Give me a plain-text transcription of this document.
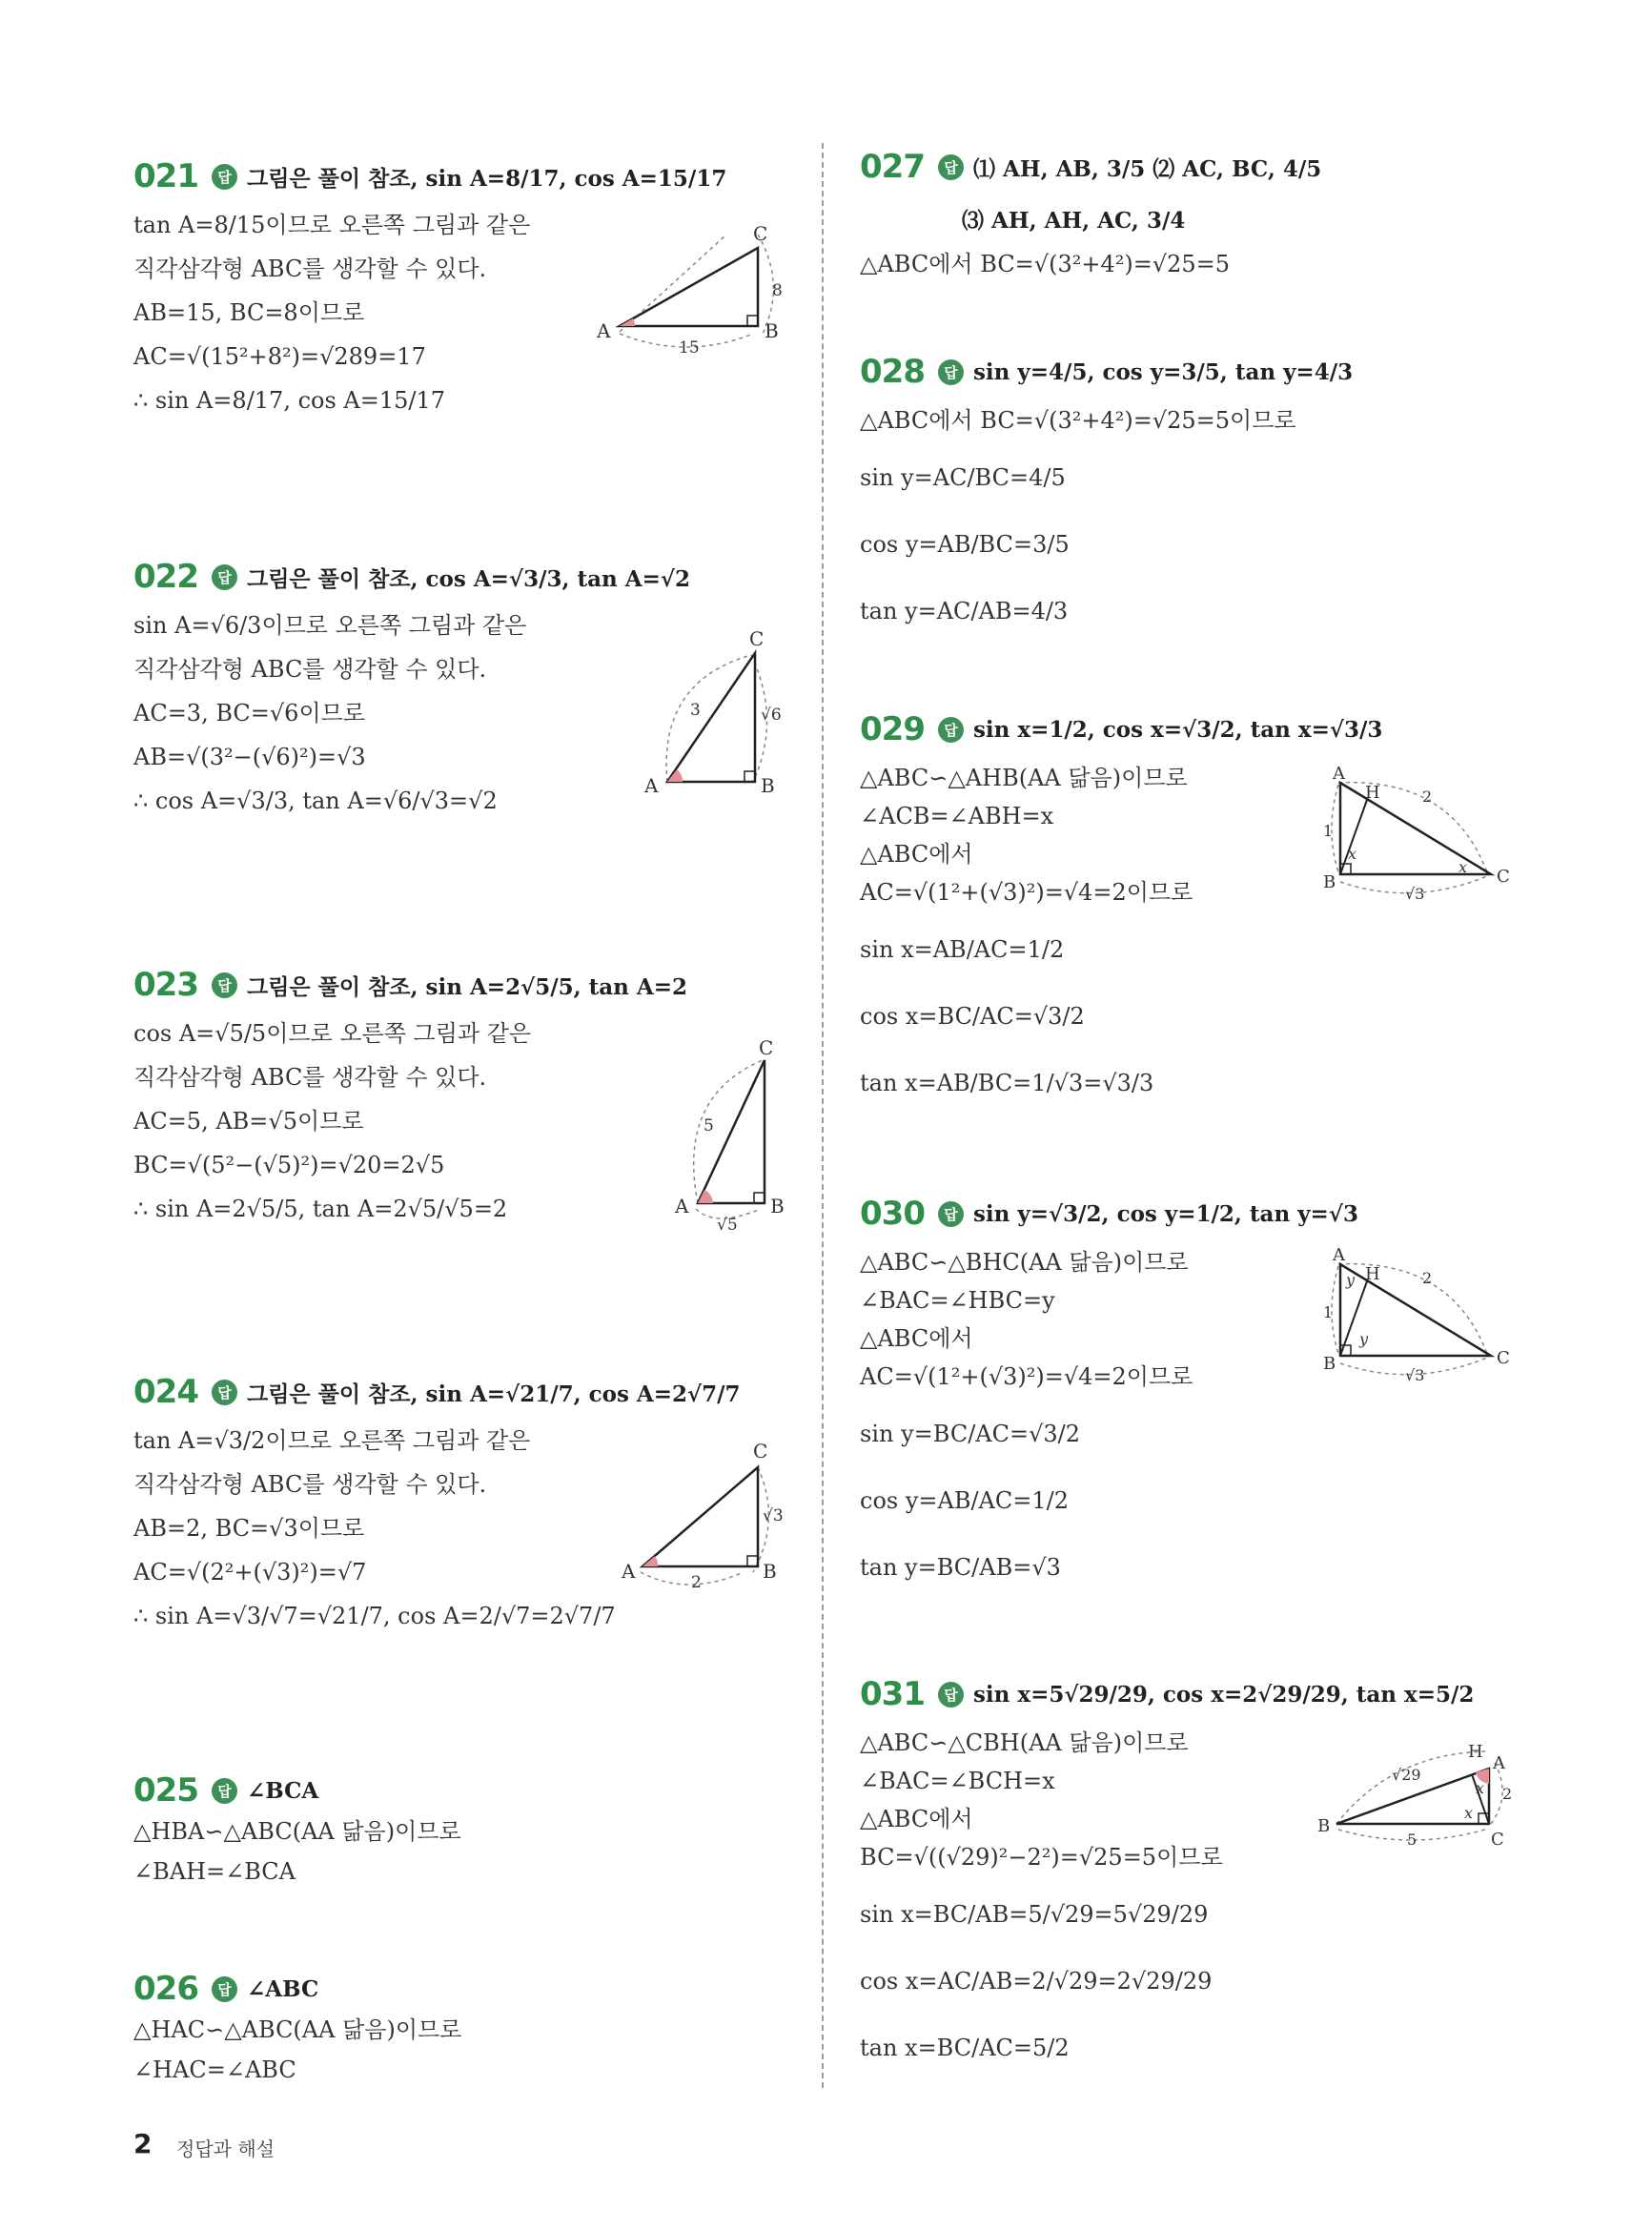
021	답 그림은 풀이 참조, sin A=8/17, cos A=15/17
tan A=8/15이므로 오른쪽 그림과 같은
직각삼각형 ABC를 생각할 수 있다.
AB=15, BC=8이므로
AC=√(15²+8²)=√289=17
∴ sin A=8/17, cos A=15/17
A	B
C
15
8
022	답 그림은 풀이 참조, cos A=√3/3, tan A=√2
sin A=√6/3이므로 오른쪽 그림과 같은
직각삼각형 ABC를 생각할 수 있다.
AC=3, BC=√6이므로
AB=√(3²−(√6)²)=√3
∴ cos A=√3/3, tan A=√6/√3=√2
A	B
C
3	√6
023	답 그림은 풀이 참조, sin A=2√5/5, tan A=2
cos A=√5/5이므로 오른쪽 그림과 같은
직각삼각형 ABC를 생각할 수 있다.
AC=5, AB=√5이므로
BC=√(5²−(√5)²)=√20=2√5
∴ sin A=2√5/5, tan A=2√5/√5=2	A	B
C
5
√5
024	답 그림은 풀이 참조, sin A=√21/7, cos A=2√7/7
tan A=√3/2이므로 오른쪽 그림과 같은
직각삼각형 ABC를 생각할 수 있다.
AB=2, BC=√3이므로
AC=√(2²+(√3)²)=√7
∴ sin A=√3/√7=√21/7, cos A=2/√7=2√7/7
A	B
C
2
√3
025	답 ∠BCA
△HBA∽△ABC(AA 닮음)이므로
∠BAH=∠BCA
026	답 ∠ABC
△HAC∽△ABC(AA 닮음)이므로
∠HAC=∠ABC
027	답 ⑴ AH, AB, 3/5 ⑵ AC, BC, 4/5
⑶ AH, AH, AC, 3/4
△ABC에서 BC=√(3²+4²)=√25=5
028	답 sin y=4/5, cos y=3/5, tan y=4/3
△ABC에서 BC=√(3²+4²)=√25=5이므로
sin y=AC/BC=4/5
cos y=AB/BC=3/5
tan y=AC/AB=4/3
029	답 sin x=1/2, cos x=√3/2, tan x=√3/3
△ABC∽△AHB(AA 닮음)이므로
∠ACB=∠ABH=x
△ABC에서
AC=√(1²+(√3)²)=√4=2이므로
sin x=AB/AC=1/2
cos x=BC/AC=√3/2
tan x=AB/BC=1/√3=√3/3
A
B	C
H
1
2
√3
x
x
030	답 sin y=√3/2, cos y=1/2, tan y=√3
△ABC∽△BHC(AA 닮음)이므로
∠BAC=∠HBC=y
△ABC에서
AC=√(1²+(√3)²)=√4=2이므로
sin y=BC/AC=√3/2
cos y=AB/AC=1/2
tan y=BC/AB=√3
A
B	C
H
1
2
√3
y
y
031	답 sin x=5√29/29, cos x=2√29/29, tan x=5/2
△ABC∽△CBH(AA 닮음)이므로
∠BAC=∠BCH=x
△ABC에서
BC=√((√29)²−2²)=√25=5이므로
sin x=BC/AB=5/√29=5√29/29
cos x=AC/AB=2/√29=2√29/29
tan x=BC/AC=5/2
A
B
C
H
√29
2
5
x
x
2 정답과 해설
